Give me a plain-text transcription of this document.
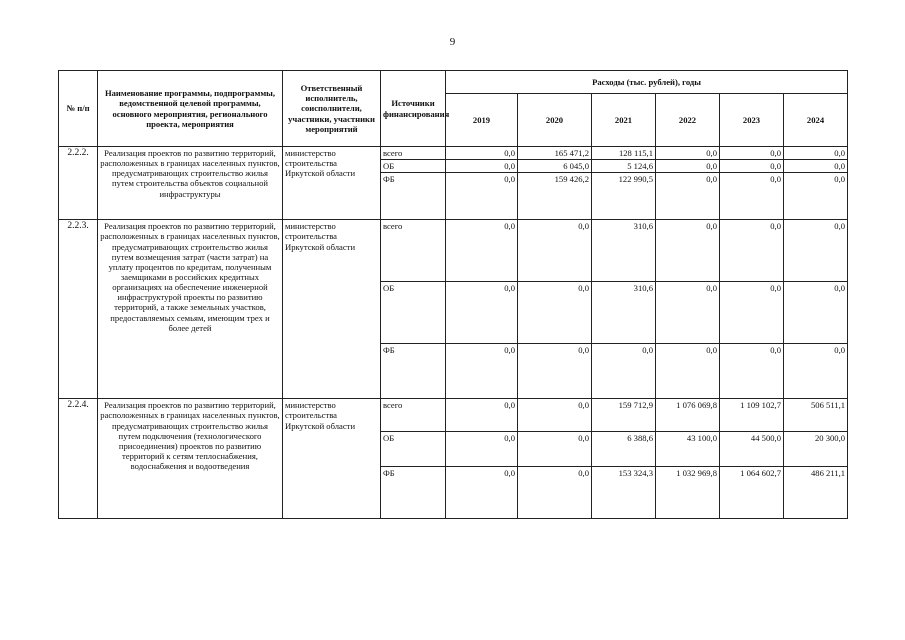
9
№ п/п	Наименование программы, подпрограммы, ведомственной целевой программы, основного мероприятия, регионального проекта, мероприятия	Ответственный исполнитель, соисполнители, участники, участники мероприятий	Источники финансирования	Расходы (тыс. рублей), годы					
				2019	2020	2021	2022	2023	2024
2.2.2.	Реализация проектов по развитию территорий, расположенных в границах населенных пунктов, предусматривающих строительство жилья путем строительства объектов социальной инфраструктуры	министерство строительства Иркутской области	всего	0,0	165 471,2	128 115,1	0,0	0,0	0,0
			ОБ	0,0	6 045,0	5 124,6	0,0	0,0	0,0
			ФБ	0,0	159 426,2	122 990,5	0,0	0,0	0,0
2.2.3.	Реализация проектов по развитию территорий, расположенных в границах населенных пунктов, предусматривающих строительство жилья путем возмещения затрат (части затрат) на уплату процентов по кредитам, полученным заемщиками в российских кредитных организациях на обеспечение инженерной инфраструктурой проекты по развитию территорий, а также земельных участков, предоставляемых семьям, имеющим трех и более детей	министерство строительства Иркутской области	всего	0,0	0,0	310,6	0,0	0,0	0,0
			ОБ	0,0	0,0	310,6	0,0	0,0	0,0
			ФБ	0,0	0,0	0,0	0,0	0,0	0,0
2.2.4.	Реализация проектов по развитию территорий, расположенных в границах населенных пунктов, предусматривающих строительство жилья путем подключения (технологического присоединения) проектов по развитию территорий к сетям теплоснабжения, водоснабжения и водоотведения	министерство строительства Иркутской области	всего	0,0	0,0	159 712,9	1 076 069,8	1 109 102,7	506 511,1
			ОБ	0,0	0,0	6 388,6	43 100,0	44 500,0	20 300,0
			ФБ	0,0	0,0	153 324,3	1 032 969,8	1 064 602,7	486 211,1
